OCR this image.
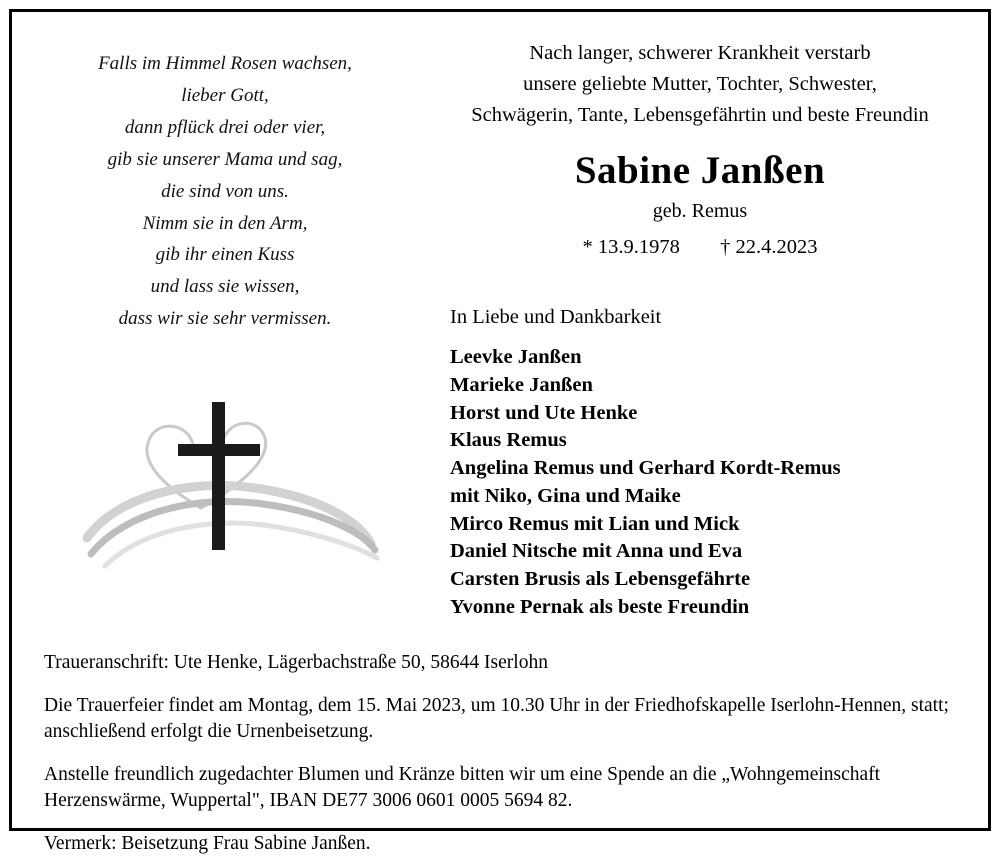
Falls im Himmel Rosen wachsen,
lieber Gott,
dann pflück drei oder vier,
gib sie unserer Mama und sag,
die sind von uns.
Nimm sie in den Arm,
gib ihr einen Kuss
und lass sie wissen,
dass wir sie sehr vermissen.
Nach langer, schwerer Krankheit verstarb
unsere geliebte Mutter, Tochter, Schwester,
Schwägerin, Tante, Lebensgefährtin und beste Freundin
Sabine Janßen
geb. Remus
* 13.9.1978 † 22.4.2023
In Liebe und Dankbarkeit
Leevke Janßen
Marieke Janßen
Horst und Ute Henke
Klaus Remus
Angelina Remus und Gerhard Kordt-Remus
mit Niko, Gina und Maike
Mirco Remus mit Lian und Mick
Daniel Nitsche mit Anna und Eva
Carsten Brusis als Lebensgefährte
Yvonne Pernak als beste Freundin

Traueranschrift: Ute Henke, Lägerbachstraße 50, 58644 Iserlohn

Die Trauerfeier findet am Montag, dem 15. Mai 2023, um 10.30 Uhr in der Friedhofskapelle Iserlohn-Hennen, statt; anschließend erfolgt die Urnenbeisetzung.

Anstelle freundlich zugedachter Blumen und Kränze bitten wir um eine Spende an die „Wohngemeinschaft Herzenswärme, Wuppertal", IBAN DE77 3006 0601 0005 5694 82.

Vermerk: Beisetzung Frau Sabine Janßen.
